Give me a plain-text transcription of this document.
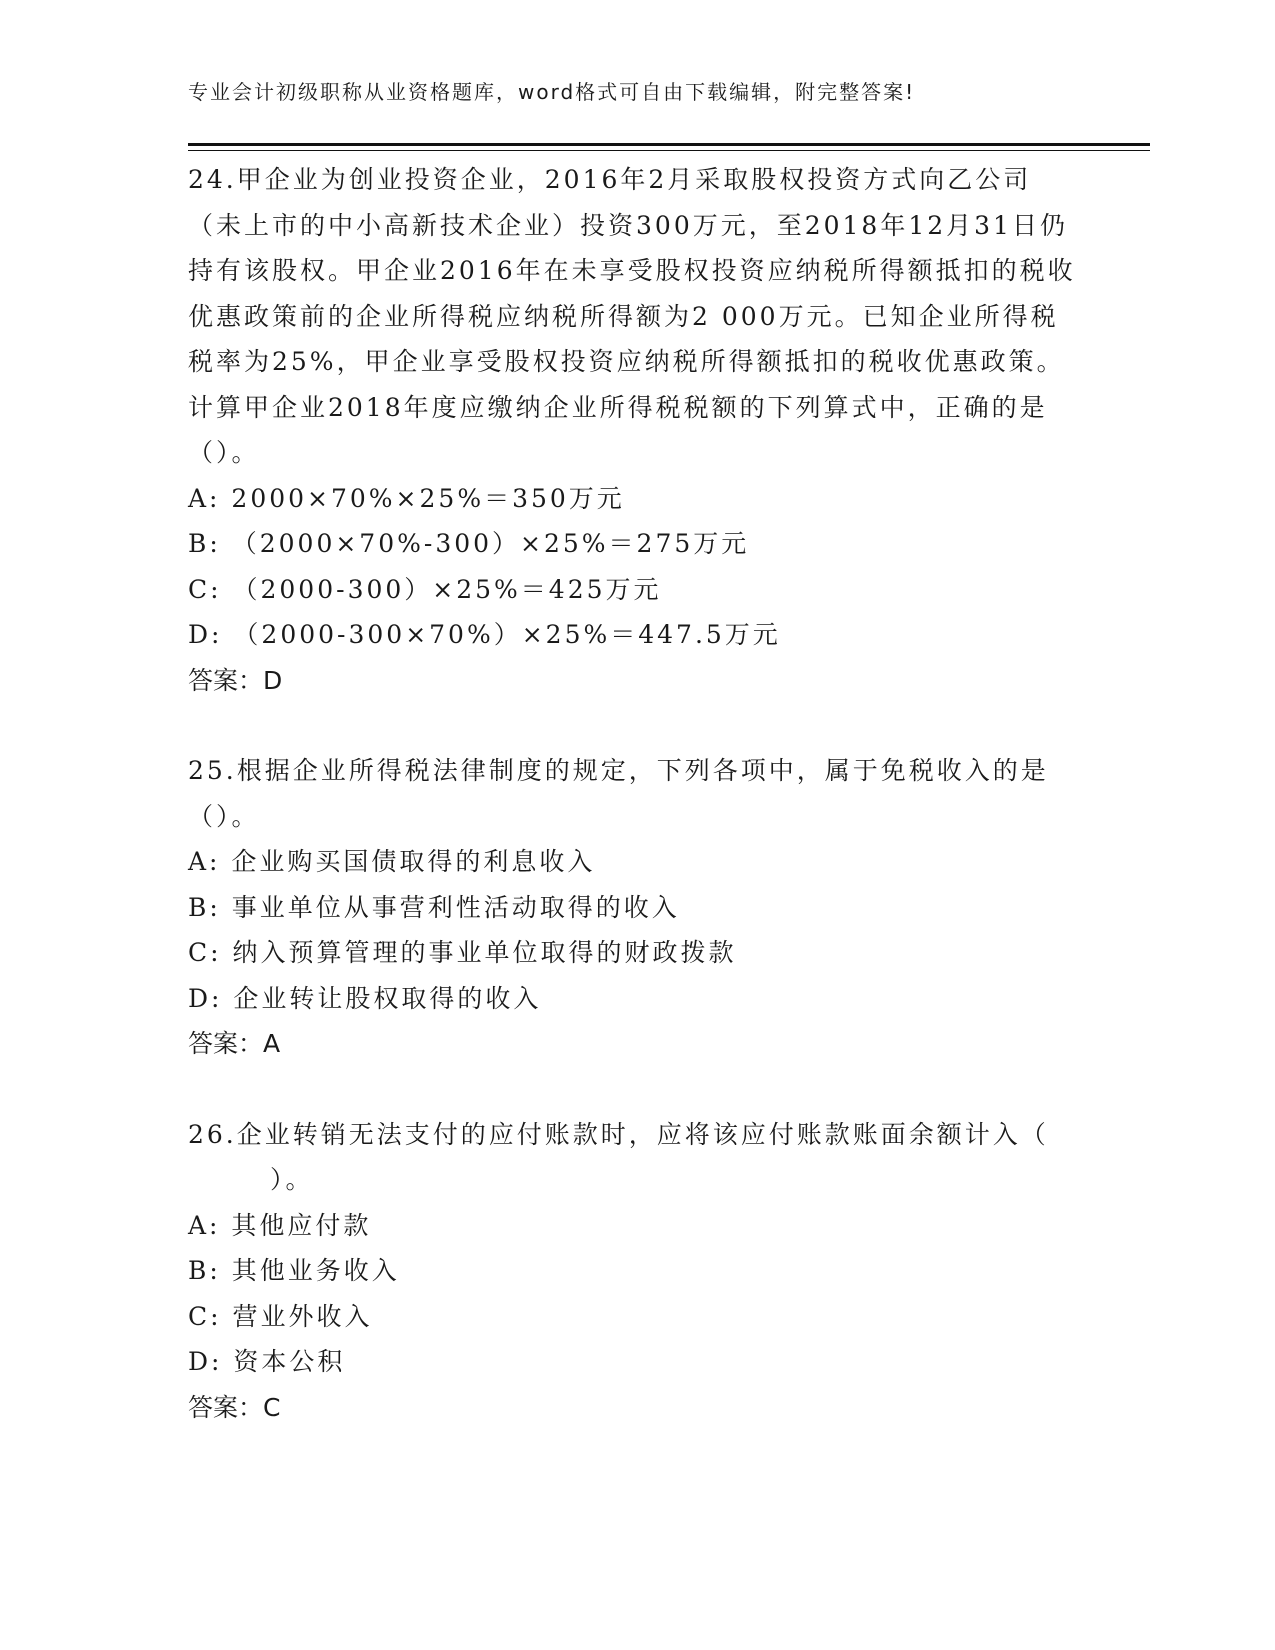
专业会计初级职称从业资格题库，word格式可自由下载编辑，附完整答案!

24.甲企业为创业投资企业，2016年2月采取股权投资方式向乙公司（未上市的中小高新技术企业）投资300万元，至2018年12月31日仍持有该股权。甲企业2016年在未享受股权投资应纳税所得额抵扣的税收优惠政策前的企业所得税应纳税所得额为2 000万元。已知企业所得税税率为25%，甲企业享受股权投资应纳税所得额抵扣的税收优惠政策。计算甲企业2018年度应缴纳企业所得税税额的下列算式中，正确的是（）。

A: 2000×70%×25%＝350万元

B: （2000×70%-300）×25%＝275万元

C: （2000-300）×25%＝425万元

D: （2000-300×70%）×25%＝447.5万元

答案：D

25.根据企业所得税法律制度的规定，下列各项中，属于免税收入的是（）。

A: 企业购买国债取得的利息收入

B: 事业单位从事营利性活动取得的收入

C: 纳入预算管理的事业单位取得的财政拨款

D: 企业转让股权取得的收入

答案：A

26.企业转销无法支付的应付账款时，应将该应付账款账面余额计入（

）。

A: 其他应付款

B: 其他业务收入

C: 营业外收入

D: 资本公积

答案：C
